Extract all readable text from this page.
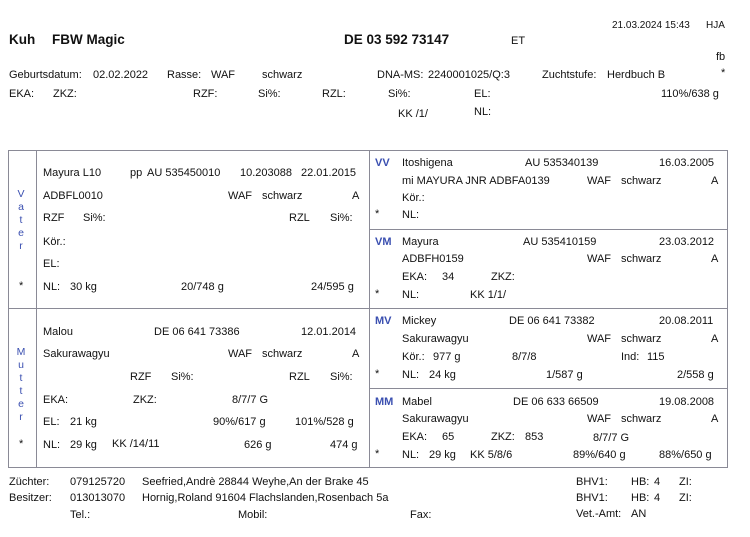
21.03.2024 15:43 HJA
Kuh FBW Magic	DE 03 592 73147	ET
fb
Geburtsdatum: 02.02.2022 Rasse: WAF schwarz	DNA-MS: 2240001025/Q:3	Zuchtstufe: Herdbuch B	*
EKA: ZKZ:	RZF:	Si%:	RZL:	Si%:	EL:	110%/638 g
KK /1/	NL:
V
a
t
e
r
M
u
t
t
e
r
Mayura L10	pp AU 535450010 10.203088 22.01.2015
ADBFL0010	WAF schwarz	A
RZF Si%:	RZL Si%:
Kör.:
EL:
* NL: 30 kg	20/748 g	24/595 g
VV Itoshigena	AU 535340139	16.03.2005
mi MAYURA JNR ADBFA0139	WAF schwarz	A
Kör.:
* NL:
VM Mayura	AU 535410159	23.03.2012
ADBFH0159	WAF schwarz	A
EKA: 34	ZKZ:
* NL:	KK 1/1/
Malou	DE 06 641 73386	12.01.2014
Sakurawagyu	WAF schwarz	A
RZF Si%:	RZL Si%:
EKA:	ZKZ:	8/7/7 G
EL: 21 kg	90%/617 g	101%/528 g
* NL: 29 kg KK /14/11	626 g	474 g
MV Mickey	DE 06 641 73382	20.08.2011
Sakurawagyu	WAF schwarz	A
Kör.: 977 g	8/7/8	Ind: 115
* NL: 24 kg	1/587 g	2/558 g
MM Mabel	DE 06 633 66509	19.08.2008
Sakurawagyu	WAF schwarz	A
EKA: 65	ZKZ: 853	8/7/7 G
* NL: 29 kg KK 5/8/6	89%/640 g	88%/650 g
Züchter: 079125720 Seefried,Andrè 28844 Weyhe,An der Brake 45
Besitzer: 013013070 Hornig,Roland 91604 Flachslanden,Rosenbach 5a
Tel.:	Mobil:	Fax:
BHV1: HB: 4 ZI:
BHV1: HB: 4 ZI:
Vet.-Amt: AN
